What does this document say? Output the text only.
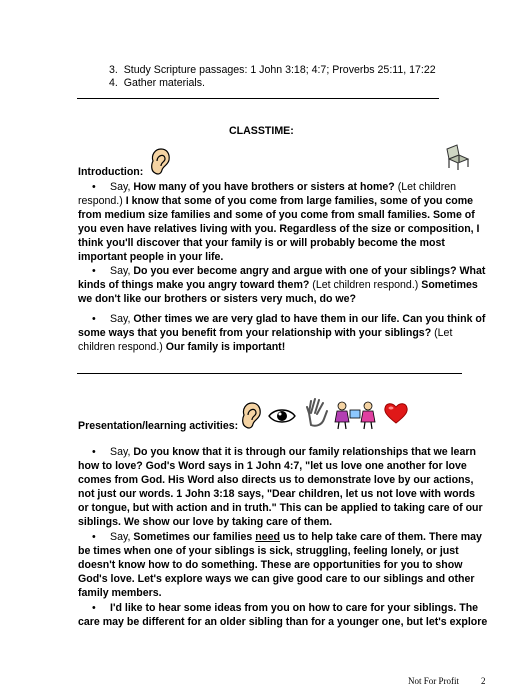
3. Study Scripture passages: 1 John 3:18; 4:7; Proverbs 25:11, 17:22
4. Gather materials.
CLASSTIME:
Introduction:
• Say, How many of you have brothers or sisters at home? (Let children respond.) I know that some of you come from large families, some of you come from medium size families and some of you come from small families. Some of you even have relatives living with you. Regardless of the size or composition, I think you'll discover that your family is or will probably become the most important people in your life.
• Say, Do you ever become angry and argue with one of your siblings? What kinds of things make you angry toward them? (Let children respond.) Sometimes we don't like our brothers or sisters very much, do we?
• Say, Other times we are very glad to have them in our life. Can you think of some ways that you benefit from your relationship with your siblings? (Let children respond.) Our family is important!
Presentation/learning activities:
• Say, Do you know that it is through our family relationships that we learn how to love? God's Word says in 1 John 4:7, "let us love one another for love comes from God. His Word also directs us to demonstrate love by our actions, not just our words. 1 John 3:18 says, "Dear children, let us not love with words or tongue, but with action and in truth." This can be applied to taking care of our siblings. We show our love by taking care of them.
• Say, Sometimes our families need us to help take care of them. There may be times when one of your siblings is sick, struggling, feeling lonely, or just doesn't know how to do something. These are opportunities for you to show God's love. Let's explore ways we can give good care to our siblings and other family members.
• I'd like to hear some ideas from you on how to care for your siblings. The care may be different for an older sibling than for a younger one, but let's explore
Not For Profit 2
